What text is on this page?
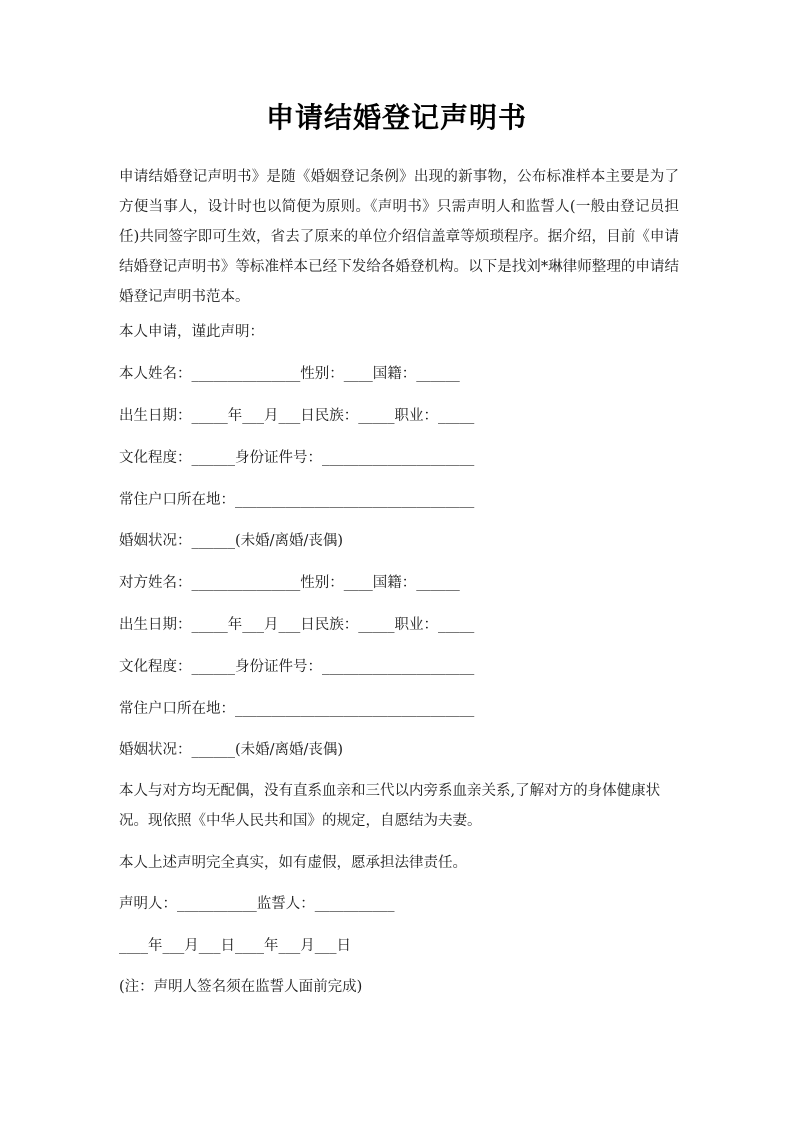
申请结婚登记声明书
申请结婚登记声明书》是随《婚姻登记条例》出现的新事物，公布标准样本主要是为了方便当事人，设计时也以简便为原则。《声明书》只需声明人和监誓人(一般由登记员担任)共同签字即可生效，省去了原来的单位介绍信盖章等烦琐程序。据介绍，目前《申请结婚登记声明书》等标准样本已经下发给各婚登机构。以下是找刘*琳律师整理的申请结婚登记声明书范本。
本人申请，谨此声明：
本人姓名：_______________性别：____国籍：______
出生日期：_____年___月___日民族：_____职业：_____
文化程度：______身份证件号：_____________________
常住户口所在地：_________________________________
婚姻状况：______(未婚/离婚/丧偶)
对方姓名：_______________性别：____国籍：______
出生日期：_____年___月___日民族：_____职业：_____
文化程度：______身份证件号：_____________________
常住户口所在地：_________________________________
婚姻状况：______(未婚/离婚/丧偶)
本人与对方均无配偶，没有直系血亲和三代以内旁系血亲关系,了解对方的身体健康状况。现依照《中华人民共和国》的规定，自愿结为夫妻。
本人上述声明完全真实，如有虚假，愿承担法律责任。
声明人：___________监誓人：___________
____年___月___日____年___月___日
(注：声明人签名须在监誓人面前完成)
